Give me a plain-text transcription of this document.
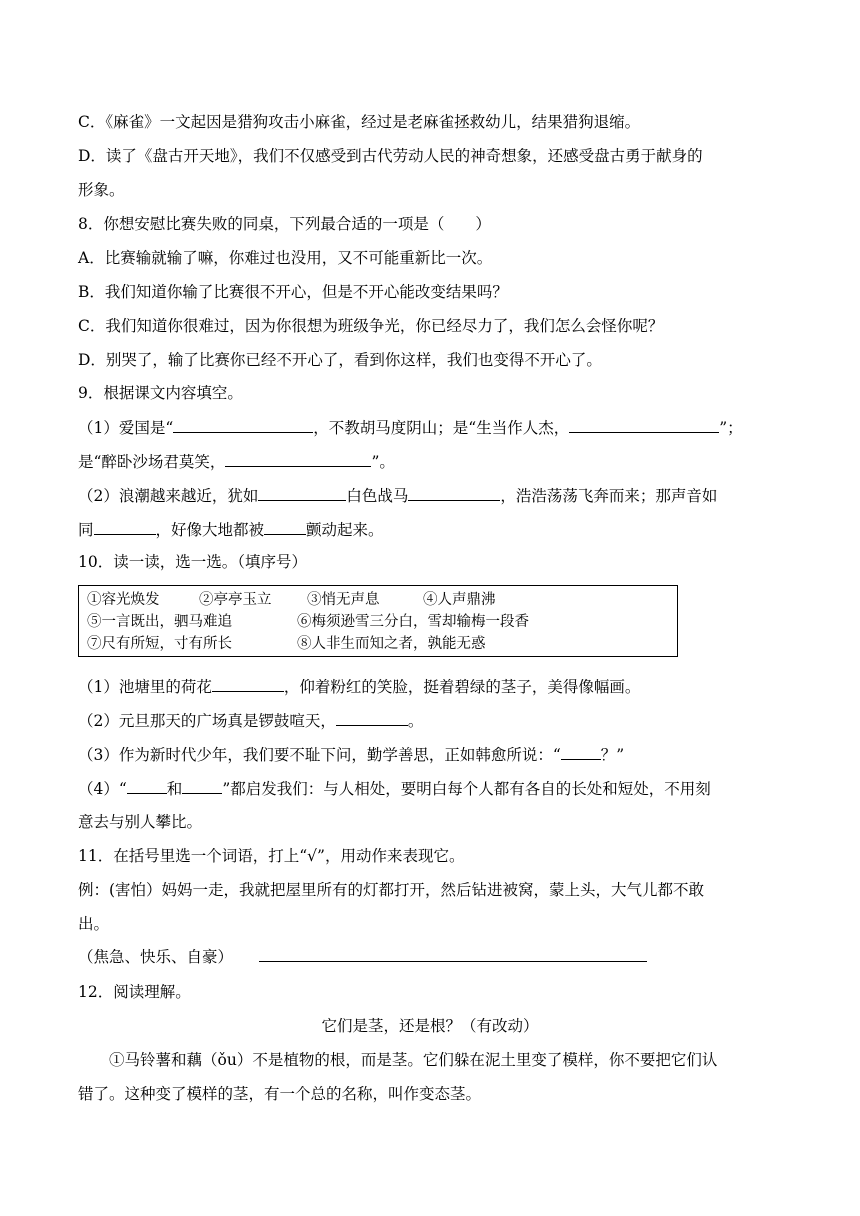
C．《麻雀》一文起因是猎狗攻击小麻雀，经过是老麻雀拯救幼儿，结果猎狗退缩。
D．读了《盘古开天地》，我们不仅感受到古代劳动人民的神奇想象，还感受盘古勇于献身的
形象。
8．你想安慰比赛失败的同桌，下列最合适的一项是（　　）
A．比赛输就输了嘛，你难过也没用，又不可能重新比一次。
B．我们知道你输了比赛很不开心，但是不开心能改变结果吗？
C．我们知道你很难过，因为你很想为班级争光，你已经尽力了，我们怎么会怪你呢？
D．别哭了，输了比赛你已经不开心了，看到你这样，我们也变得不开心了。
9．根据课文内容填空。
（1）爱国是“	，不教胡马度阴山；是“生当作人杰，	”；
是“醉卧沙场君莫笑，	”。
（2）浪潮越来越近，犹如	白色战马	，浩浩荡荡飞奔而来；那声音如
同	，好像大地都被	颤动起来。
10．读一读，选一选。（填序号）
①容光焕发	②亭亭玉立 ③悄无声息	④人声鼎沸
⑤一言既出，驷马难追	⑥梅须逊雪三分白，雪却输梅一段香
⑦尺有所短，寸有所长	⑧人非生而知之者，孰能无惑
（1）池塘里的荷花	，仰着粉红的笑脸，挺着碧绿的茎子，美得像幅画。
（2）元旦那天的广场真是锣鼓喧天，	。
（3）作为新时代少年，我们要不耻下问，勤学善思，正如韩愈所说：“	？”
（4）“	和	”都启发我们：与人相处，要明白每个人都有各自的长处和短处，不用刻
意去与别人攀比。
11．在括号里选一个词语，打上“√”，用动作来表现它。
例：(害怕）妈妈一走，我就把屋里所有的灯都打开，然后钻进被窝，蒙上头，大气儿都不敢
出。
（焦急、快乐、自豪）
12．阅读理解。
它们是茎，还是根？（有改动）
　　①马铃薯和藕（ǒu）不是植物的根，而是茎。它们躲在泥土里变了模样，你不要把它们认
错了。这种变了模样的茎，有一个总的名称，叫作变态茎。
